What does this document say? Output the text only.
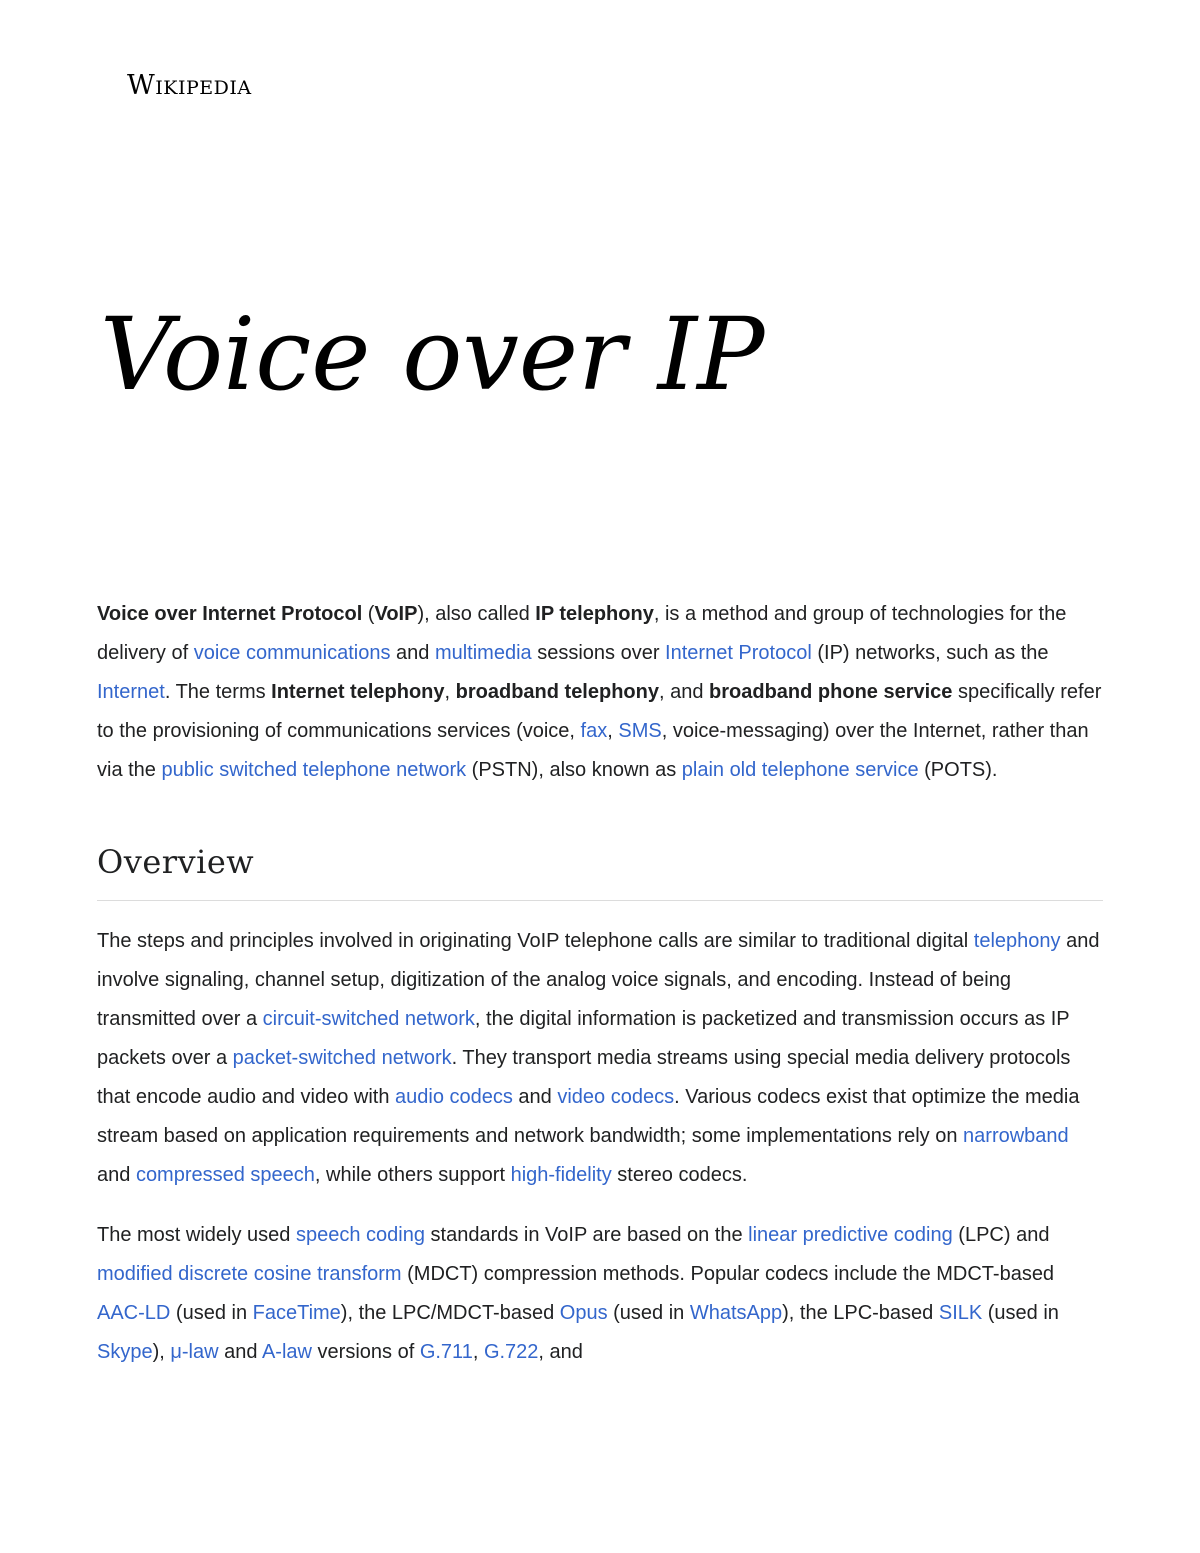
Wikipedia
Voice over IP

Voice over Internet Protocol (VoIP), also called IP telephony, is a method and group of technologies for the delivery of voice communications and multimedia sessions over Internet Protocol (IP) networks, such as the Internet. The terms Internet telephony, broadband telephony, and broadband phone service specifically refer to the provisioning of communications services (voice, fax, SMS, voice-messaging) over the Internet, rather than via the public switched telephone network (PSTN), also known as plain old telephone service (POTS).

Overview

The steps and principles involved in originating VoIP telephone calls are similar to traditional digital telephony and involve signaling, channel setup, digitization of the analog voice signals, and encoding. Instead of being transmitted over a circuit-switched network, the digital information is packetized and transmission occurs as IP packets over a packet-switched network. They transport media streams using special media delivery protocols that encode audio and video with audio codecs and video codecs. Various codecs exist that optimize the media stream based on application requirements and network bandwidth; some implementations rely on narrowband and compressed speech, while others support high-fidelity stereo codecs.

The most widely used speech coding standards in VoIP are based on the linear predictive coding (LPC) and modified discrete cosine transform (MDCT) compression methods. Popular codecs include the MDCT-based AAC-LD (used in FaceTime), the LPC/MDCT-based Opus (used in WhatsApp), the LPC-based SILK (used in Skype), μ-law and A-law versions of G.711, G.722, and
